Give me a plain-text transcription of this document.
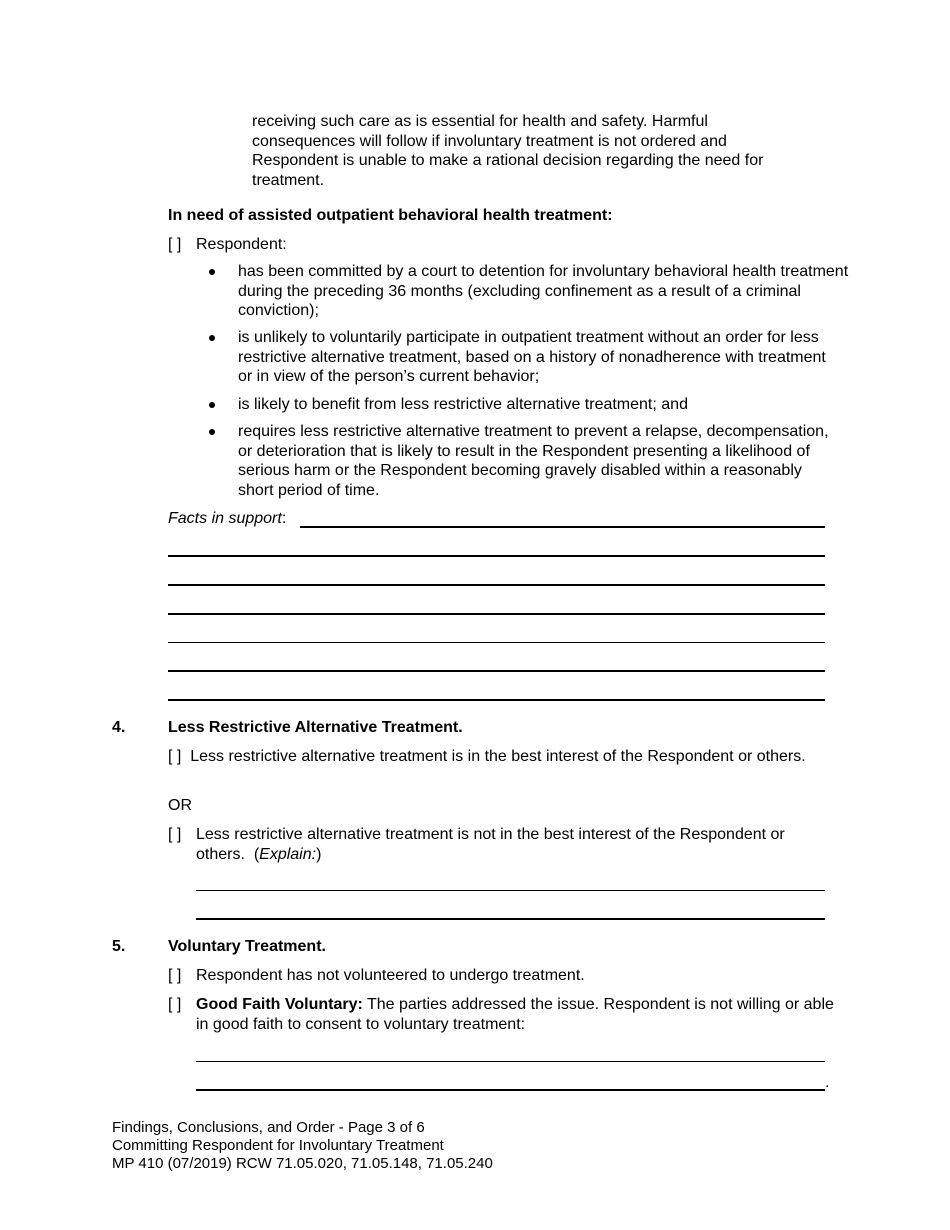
receiving such care as is essential for health and safety. Harmful consequences will follow if involuntary treatment is not ordered and Respondent is unable to make a rational decision regarding the need for treatment.
In need of assisted outpatient behavioral health treatment:
[ ] Respondent:
has been committed by a court to detention for involuntary behavioral health treatment during the preceding 36 months (excluding confinement as a result of a criminal conviction);
is unlikely to voluntarily participate in outpatient treatment without an order for less restrictive alternative treatment, based on a history of nonadherence with treatment or in view of the person’s current behavior;
is likely to benefit from less restrictive alternative treatment; and
requires less restrictive alternative treatment to prevent a relapse, decompensation, or deterioration that is likely to result in the Respondent presenting a likelihood of serious harm or the Respondent becoming gravely disabled within a reasonably short period of time.
Facts in support:
4.	Less Restrictive Alternative Treatment.
[ ] Less restrictive alternative treatment is in the best interest of the Respondent or others.
OR
[ ] Less restrictive alternative treatment is not in the best interest of the Respondent or others. (Explain:)
5.	Voluntary Treatment.
[ ] Respondent has not volunteered to undergo treatment.
[ ] Good Faith Voluntary: The parties addressed the issue. Respondent is not willing or able in good faith to consent to voluntary treatment:
.
Findings, Conclusions, and Order - Page 3 of 6
Committing Respondent for Involuntary Treatment
MP 410 (07/2019) RCW 71.05.020, 71.05.148, 71.05.240
